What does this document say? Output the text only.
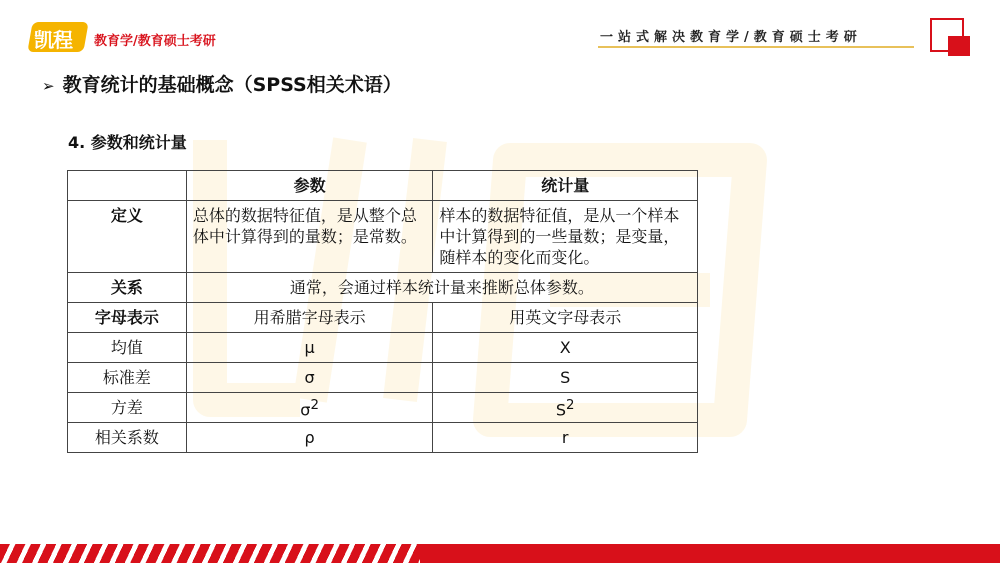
凯程 教育学/教育硕士考研	一站式解决教育学/教育硕士考研
➢ 教育统计的基础概念（SPSS相关术语）
4. 参数和统计量
	参数	统计量
定义	总体的数据特征值，是从整个总体中计算得到的量数；是常数。	样本的数据特征值，是从一个样本中计算得到的一些量数；是变量，随样本的变化而变化。
关系	通常，会通过样本统计量来推断总体参数。	
字母表示	用希腊字母表示	用英文字母表示
均值	μ	X
标准差	σ	S
方差	$\sigma^2$	$S^2$
相关系数	ρ	r
